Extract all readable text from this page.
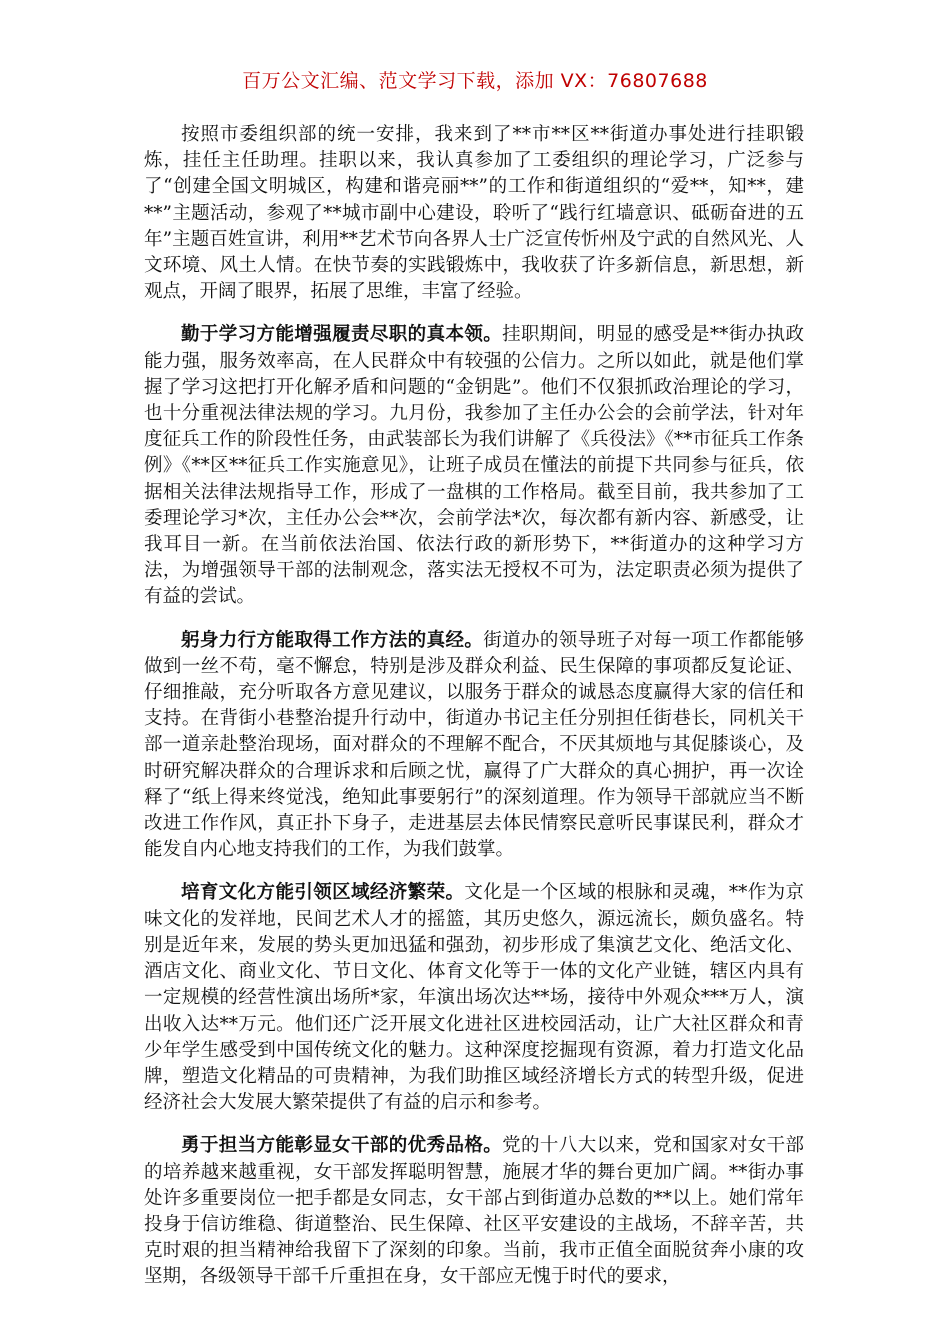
百万公文汇编、范文学习下载，添加 VX：76807688

按照市委组织部的统一安排，我来到了**市**区**街道办事处进行挂职锻炼，挂任主任助理。挂职以来，我认真参加了工委组织的理论学习，广泛参与了“创建全国文明城区，构建和谐亮丽**”的工作和街道组织的“爱**，知**，建**”主题活动，参观了**城市副中心建设，聆听了“践行红墙意识、砥砺奋进的五年”主题百姓宣讲，利用**艺术节向各界人士广泛宣传忻州及宁武的自然风光、人文环境、风土人情。在快节奏的实践锻炼中，我收获了许多新信息，新思想，新观点，开阔了眼界，拓展了思维，丰富了经验。

勤于学习方能增强履责尽职的真本领。挂职期间，明显的感受是**街办执政能力强，服务效率高，在人民群众中有较强的公信力。之所以如此，就是他们掌握了学习这把打开化解矛盾和问题的“金钥匙”。他们不仅狠抓政治理论的学习，也十分重视法律法规的学习。九月份，我参加了主任办公会的会前学法，针对年度征兵工作的阶段性任务，由武装部长为我们讲解了《兵役法》《**市征兵工作条例》《**区**征兵工作实施意见》，让班子成员在懂法的前提下共同参与征兵，依据相关法律法规指导工作，形成了一盘棋的工作格局。截至目前，我共参加了工委理论学习*次，主任办公会**次，会前学法*次，每次都有新内容、新感受，让我耳目一新。在当前依法治国、依法行政的新形势下，**街道办的这种学习方法，为增强领导干部的法制观念，落实法无授权不可为，法定职责必须为提供了有益的尝试。

躬身力行方能取得工作方法的真经。街道办的领导班子对每一项工作都能够做到一丝不苟，毫不懈怠，特别是涉及群众利益、民生保障的事项都反复论证、仔细推敲，充分听取各方意见建议，以服务于群众的诚恳态度赢得大家的信任和支持。在背街小巷整治提升行动中，街道办书记主任分别担任街巷长，同机关干部一道亲赴整治现场，面对群众的不理解不配合，不厌其烦地与其促膝谈心，及时研究解决群众的合理诉求和后顾之忧，赢得了广大群众的真心拥护，再一次诠释了“纸上得来终觉浅，绝知此事要躬行”的深刻道理。作为领导干部就应当不断改进工作作风，真正扑下身子，走进基层去体民情察民意听民事谋民利，群众才能发自内心地支持我们的工作，为我们鼓掌。

培育文化方能引领区域经济繁荣。文化是一个区域的根脉和灵魂，**作为京味文化的发祥地，民间艺术人才的摇篮，其历史悠久，源远流长，颇负盛名。特别是近年来，发展的势头更加迅猛和强劲，初步形成了集演艺文化、绝活文化、酒店文化、商业文化、节日文化、体育文化等于一体的文化产业链，辖区内具有一定规模的经营性演出场所*家，年演出场次达**场，接待中外观众***万人，演出收入达**万元。他们还广泛开展文化进社区进校园活动，让广大社区群众和青少年学生感受到中国传统文化的魅力。这种深度挖掘现有资源，着力打造文化品牌，塑造文化精品的可贵精神，为我们助推区域经济增长方式的转型升级，促进经济社会大发展大繁荣提供了有益的启示和参考。

勇于担当方能彰显女干部的优秀品格。党的十八大以来，党和国家对女干部的培养越来越重视，女干部发挥聪明智慧，施展才华的舞台更加广阔。**街办事处许多重要岗位一把手都是女同志，女干部占到街道办总数的**以上。她们常年投身于信访维稳、街道整治、民生保障、社区平安建设的主战场，不辞辛苦，共克时艰的担当精神给我留下了深刻的印象。当前，我市正值全面脱贫奔小康的攻坚期，各级领导干部千斤重担在身，女干部应无愧于时代的要求，
